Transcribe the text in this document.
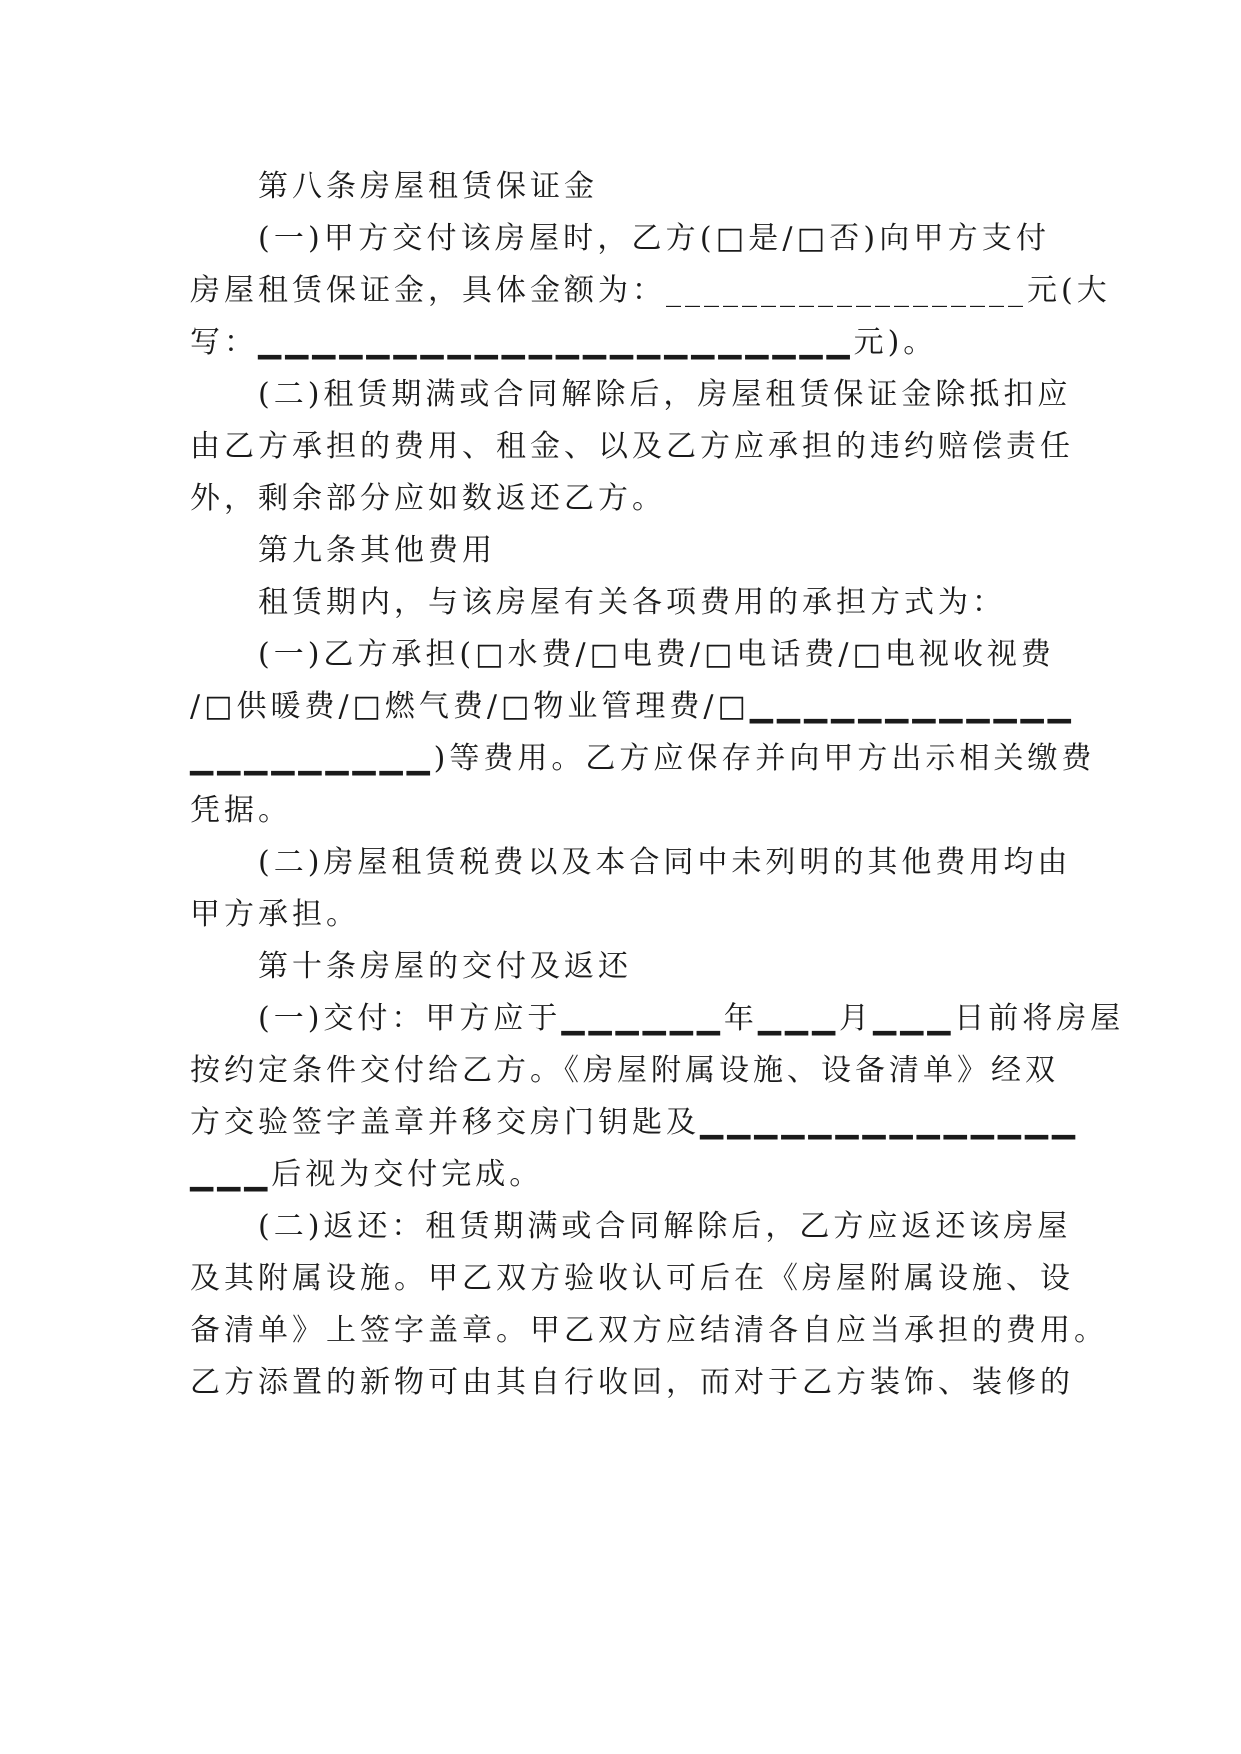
第八条房屋租赁保证金
(一)甲方交付该房屋时，乙方(□是/□否)向甲方支付
房屋租赁保证金，具体金额为：___________________元(大
写：▁▁▁▁▁▁▁▁▁▁▁▁▁▁▁▁▁▁▁▁▁▁元)。
(二)租赁期满或合同解除后，房屋租赁保证金除抵扣应
由乙方承担的费用、租金、以及乙方应承担的违约赔偿责任
外，剩余部分应如数返还乙方。
第九条其他费用
租赁期内，与该房屋有关各项费用的承担方式为：
(一)乙方承担(□水费/□电费/□电话费/□电视收视费
/□供暖费/□燃气费/□物业管理费/□▁▁▁▁▁▁▁▁▁▁▁▁
▁▁▁▁▁▁▁▁▁)等费用。乙方应保存并向甲方出示相关缴费
凭据。
(二)房屋租赁税费以及本合同中未列明的其他费用均由
甲方承担。
第十条房屋的交付及返还
(一)交付：甲方应于▁▁▁▁▁▁年▁▁▁月▁▁▁日前将房屋
按约定条件交付给乙方。《房屋附属设施、设备清单》经双
方交验签字盖章并移交房门钥匙及▁▁▁▁▁▁▁▁▁▁▁▁▁▁
▁▁▁后视为交付完成。
(二)返还：租赁期满或合同解除后，乙方应返还该房屋
及其附属设施。甲乙双方验收认可后在《房屋附属设施、设
备清单》上签字盖章。甲乙双方应结清各自应当承担的费用。
乙方添置的新物可由其自行收回，而对于乙方装饰、装修的
